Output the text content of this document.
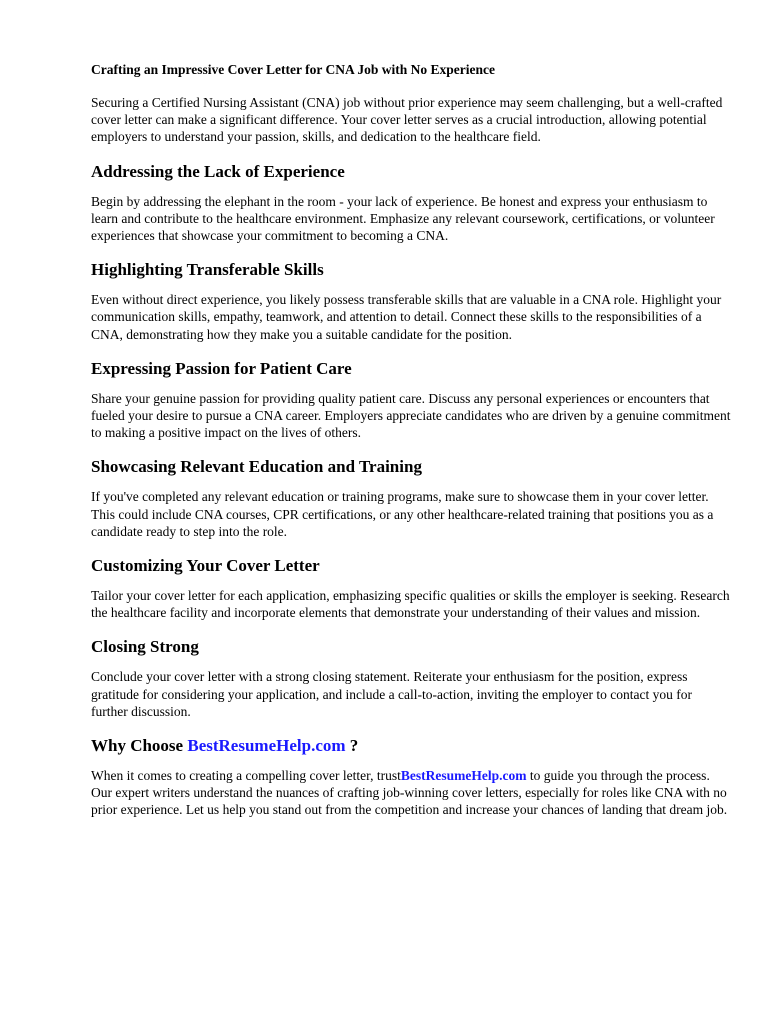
Crafting an Impressive Cover Letter for CNA Job with No Experience

Securing a Certified Nursing Assistant (CNA) job without prior experience may seem challenging, but a well-crafted cover letter can make a significant difference. Your cover letter serves as a crucial introduction, allowing potential employers to understand your passion, skills, and dedication to the healthcare field.

Addressing the Lack of Experience

Begin by addressing the elephant in the room - your lack of experience. Be honest and express your enthusiasm to learn and contribute to the healthcare environment. Emphasize any relevant coursework, certifications, or volunteer experiences that showcase your commitment to becoming a CNA.

Highlighting Transferable Skills

Even without direct experience, you likely possess transferable skills that are valuable in a CNA role. Highlight your communication skills, empathy, teamwork, and attention to detail. Connect these skills to the responsibilities of a CNA, demonstrating how they make you a suitable candidate for the position.

Expressing Passion for Patient Care

Share your genuine passion for providing quality patient care. Discuss any personal experiences or encounters that fueled your desire to pursue a CNA career. Employers appreciate candidates who are driven by a genuine commitment to making a positive impact on the lives of others.

Showcasing Relevant Education and Training

If you've completed any relevant education or training programs, make sure to showcase them in your cover letter. This could include CNA courses, CPR certifications, or any other healthcare-related training that positions you as a candidate ready to step into the role.

Customizing Your Cover Letter

Tailor your cover letter for each application, emphasizing specific qualities or skills the employer is seeking. Research the healthcare facility and incorporate elements that demonstrate your understanding of their values and mission.

Closing Strong

Conclude your cover letter with a strong closing statement. Reiterate your enthusiasm for the position, express gratitude for considering your application, and include a call-to-action, inviting the employer to contact you for further discussion.

Why Choose BestResumeHelp.com ?

When it comes to creating a compelling cover letter, trustBestResumeHelp.com to guide you through the process. Our expert writers understand the nuances of crafting job-winning cover letters, especially for roles like CNA with no prior experience. Let us help you stand out from the competition and increase your chances of landing that dream job.
